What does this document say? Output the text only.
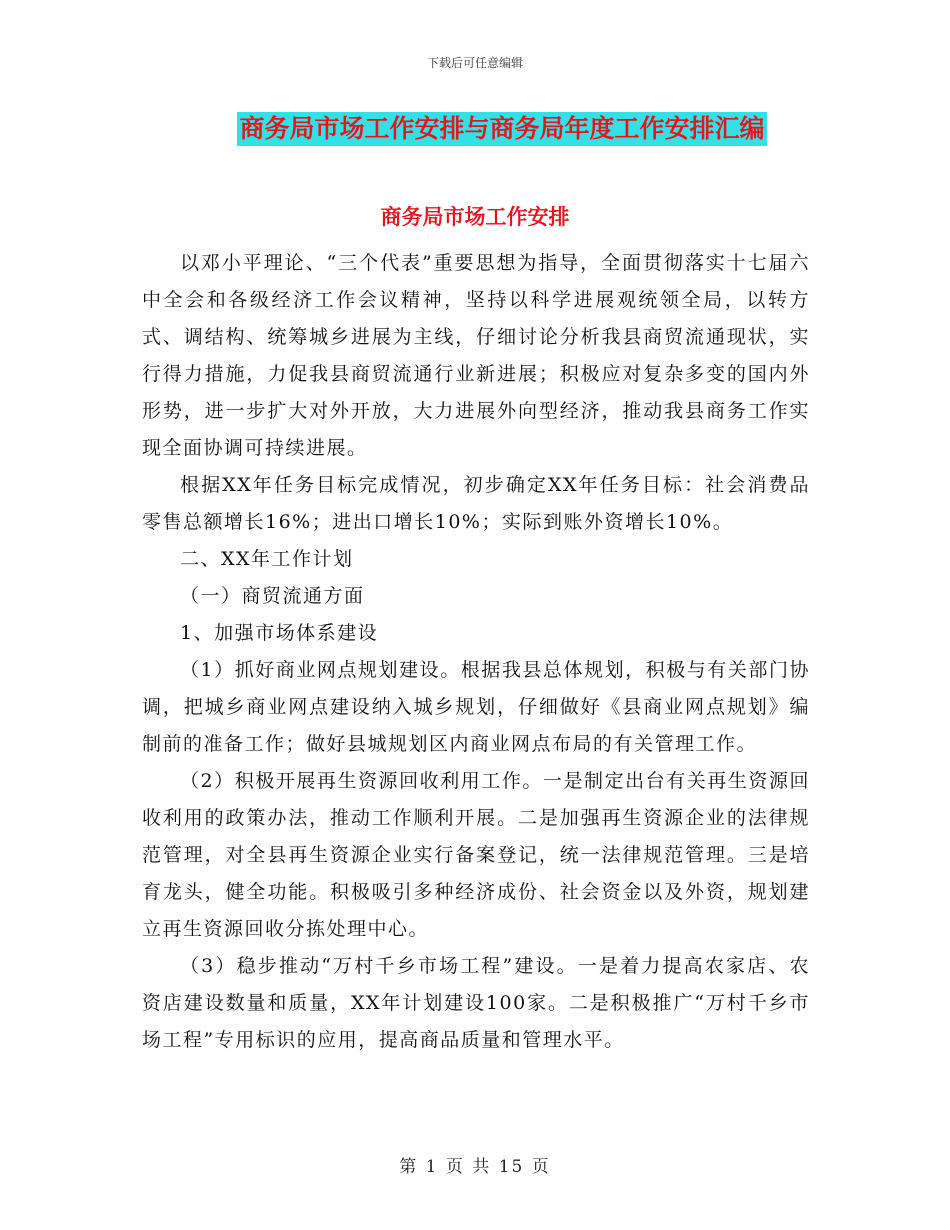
下载后可任意编辑
商务局市场工作安排与商务局年度工作安排汇编
商务局市场工作安排

以邓小平理论、“三个代表”重要思想为指导，全面贯彻落实十七届六中全会和各级经济工作会议精神，坚持以科学进展观统领全局，以转方式、调结构、统筹城乡进展为主线，仔细讨论分析我县商贸流通现状，实行得力措施，力促我县商贸流通行业新进展；积极应对复杂多变的国内外形势，进一步扩大对外开放，大力进展外向型经济，推动我县商务工作实现全面协调可持续进展。

根据XX年任务目标完成情况，初步确定XX年任务目标：社会消费品零售总额增长16%；进出口增长10%；实际到账外资增长10%。

二、XX年工作计划

（一）商贸流通方面

1、加强市场体系建设

（1）抓好商业网点规划建设。根据我县总体规划，积极与有关部门协调，把城乡商业网点建设纳入城乡规划，仔细做好《县商业网点规划》编制前的准备工作；做好县城规划区内商业网点布局的有关管理工作。

（2）积极开展再生资源回收利用工作。一是制定出台有关再生资源回收利用的政策办法，推动工作顺利开展。二是加强再生资源企业的法律规范管理，对全县再生资源企业实行备案登记，统一法律规范管理。三是培育龙头，健全功能。积极吸引多种经济成份、社会资金以及外资，规划建立再生资源回收分拣处理中心。

（3）稳步推动“万村千乡市场工程”建设。一是着力提高农家店、农资店建设数量和质量，XX年计划建设100家。二是积极推广“万村千乡市场工程”专用标识的应用，提高商品质量和管理水平。

第 1 页 共 15 页
